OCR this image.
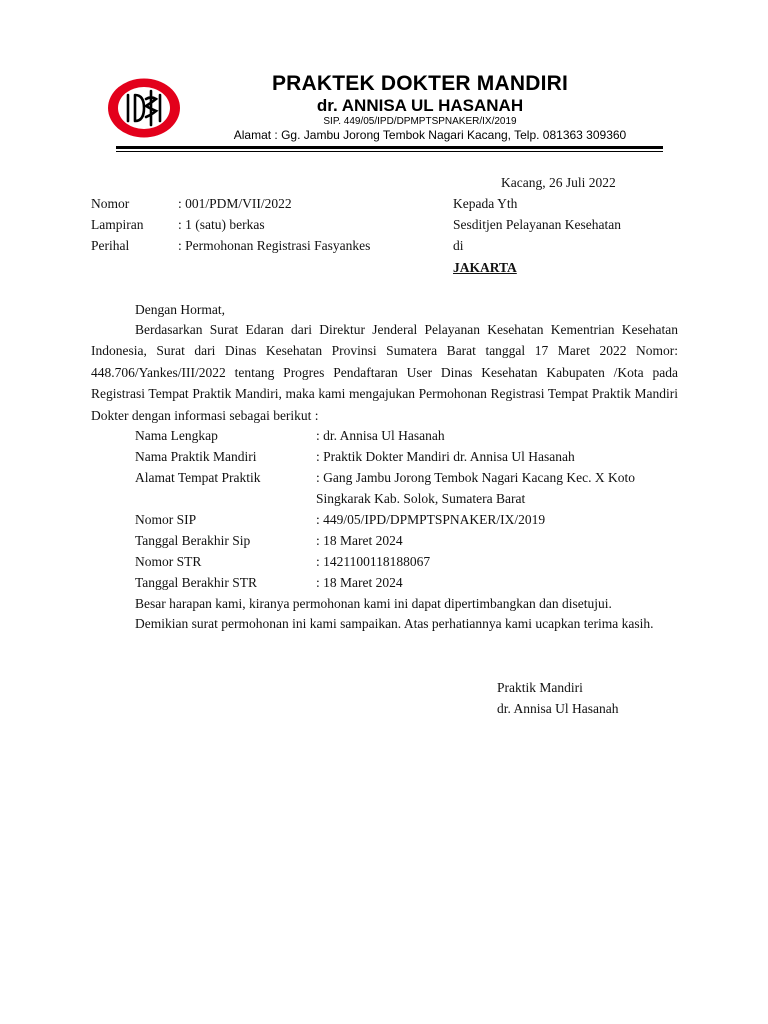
PRAKTEK DOKTER MANDIRI
dr. ANNISA UL HASANAH
SIP. 449/05/IPD/DPMPTSPNAKER/IX/2019
Alamat : Gg. Jambu Jorong Tembok Nagari Kacang, Telp. 081363 309360
Kacang, 26 Juli 2022
Nomor	: 001/PDM/VII/2022
Lampiran	: 1 (satu) berkas
Perihal	: Permohonan Registrasi Fasyankes
Kepada Yth
Sesditjen Pelayanan Kesehatan
di
JAKARTA
Dengan Hormat,
Berdasarkan Surat Edaran dari Direktur Jenderal Pelayanan Kesehatan Kementrian Kesehatan Indonesia, Surat dari Dinas Kesehatan Provinsi Sumatera Barat tanggal 17 Maret 2022 Nomor: 448.706/Yankes/III/2022 tentang Progres Pendaftaran User Dinas Kesehatan Kabupaten /Kota pada Registrasi Tempat Praktik Mandiri, maka kami mengajukan Permohonan Registrasi Tempat Praktik Mandiri Dokter dengan informasi sebagai berikut :
Nama Lengkap	: dr. Annisa Ul Hasanah
Nama Praktik Mandiri	: Praktik Dokter Mandiri dr. Annisa Ul Hasanah
Alamat Tempat Praktik	: Gang Jambu Jorong Tembok Nagari Kacang Kec. X Koto
Singkarak Kab. Solok, Sumatera Barat
Nomor SIP	: 449/05/IPD/DPMPTSPNAKER/IX/2019
Tanggal Berakhir Sip	: 18 Maret 2024
Nomor STR	: 1421100118188067
Tanggal Berakhir STR	: 18 Maret 2024
Besar harapan kami, kiranya permohonan kami ini dapat dipertimbangkan dan disetujui.
Demikian surat permohonan ini kami sampaikan. Atas perhatiannya kami ucapkan terima kasih.
Praktik Mandiri
dr. Annisa Ul Hasanah
